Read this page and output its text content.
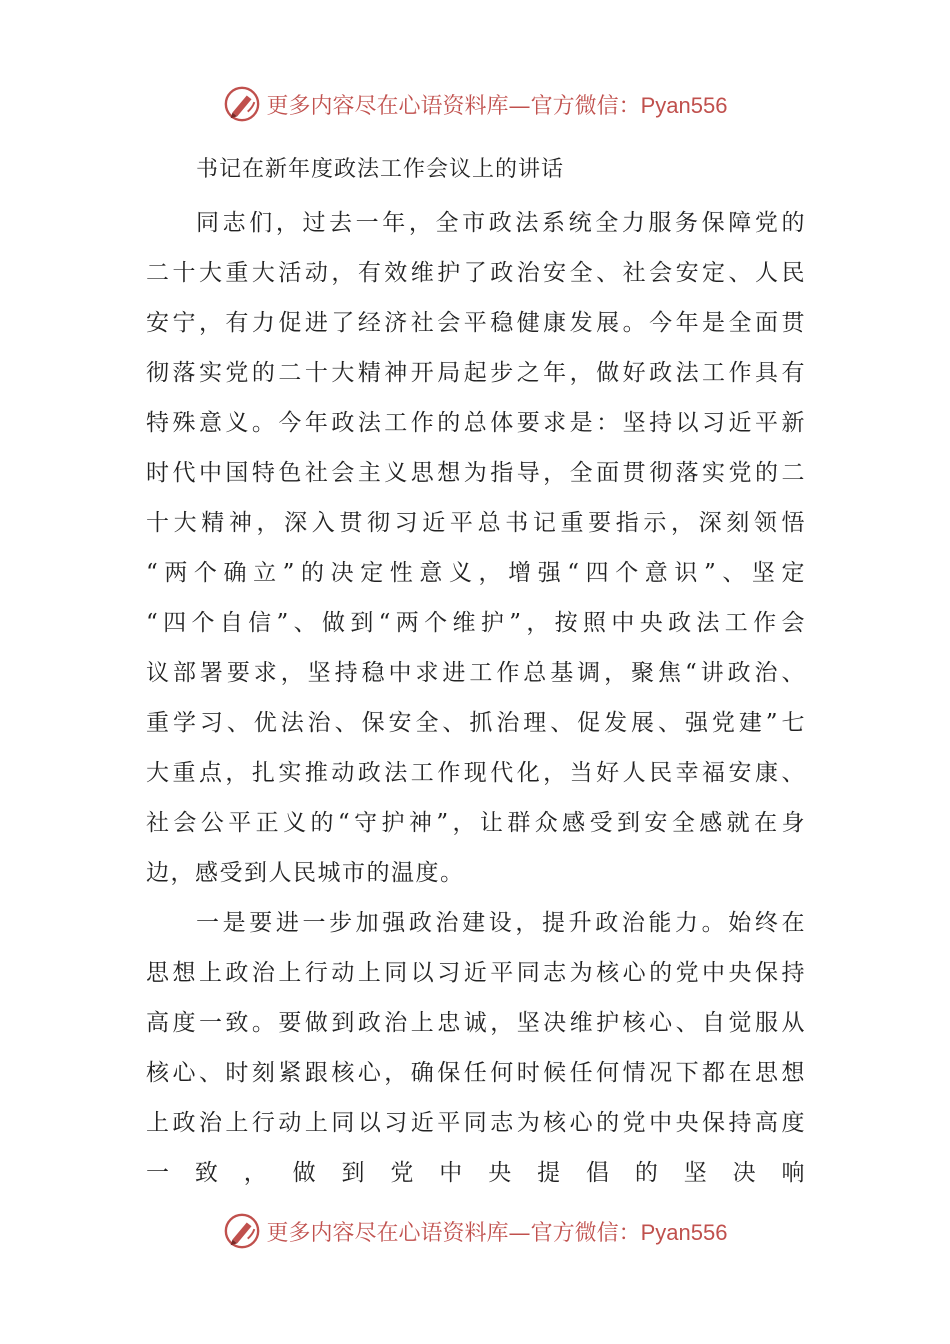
更多内容尽在心语资料库—官方微信：Pyan556
书记在新年度政法工作会议上的讲话
同志们，过去一年，全市政法系统全力服务保障党的
二十大重大活动，有效维护了政治安全、社会安定、人民
安宁，有力促进了经济社会平稳健康发展。今年是全面贯
彻落实党的二十大精神开局起步之年，做好政法工作具有
特殊意义。今年政法工作的总体要求是：坚持以习近平新
时代中国特色社会主义思想为指导，全面贯彻落实党的二
十大精神，深入贯彻习近平总书记重要指示，深刻领悟
“两个确立”的决定性意义，增强“四个意识”、坚定
“四个自信”、做到“两个维护”，按照中央政法工作会
议部署要求，坚持稳中求进工作总基调，聚焦“讲政治、
重学习、优法治、保安全、抓治理、促发展、强党建”七
大重点，扎实推动政法工作现代化，当好人民幸福安康、
社会公平正义的“守护神”，让群众感受到安全感就在身
边，感受到人民城市的温度。
一是要进一步加强政治建设，提升政治能力。始终在
思想上政治上行动上同以习近平同志为核心的党中央保持
高度一致。要做到政治上忠诚，坚决维护核心、自觉服从
核心、时刻紧跟核心，确保任何时候任何情况下都在思想
上政治上行动上同以习近平同志为核心的党中央保持高度
一 致 ， 做 到 党 中 央 提 倡 的 坚 决 响
更多内容尽在心语资料库—官方微信：Pyan556
